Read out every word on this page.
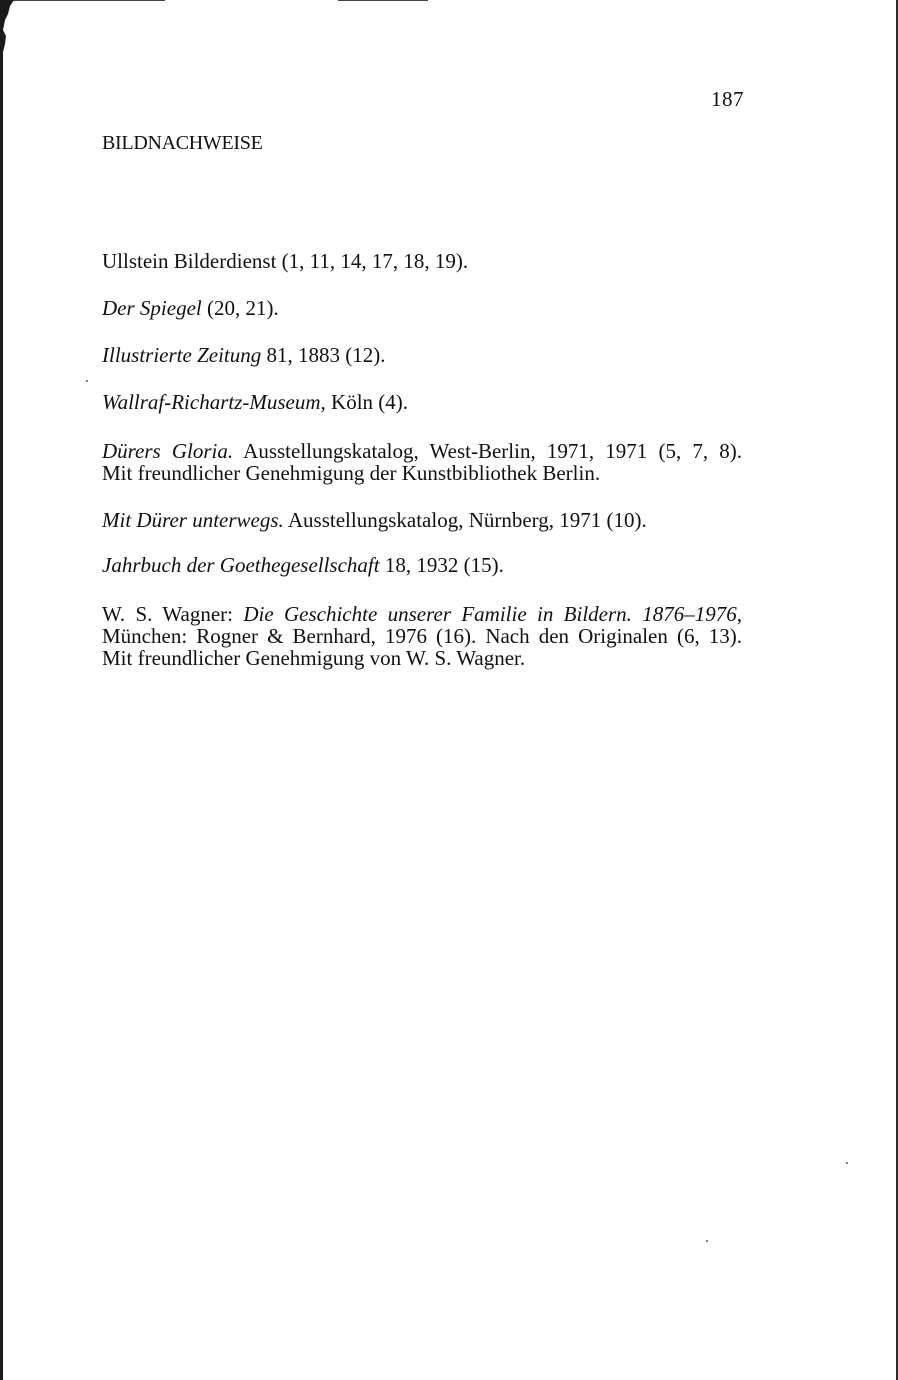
187
BILDNACHWEISE
Ullstein Bilderdienst (1, 11, 14, 17, 18, 19).
Der Spiegel (20, 21).
Illustrierte Zeitung 81, 1883 (12).
Wallraf-Richartz-Museum, Köln (4).
Dürers Gloria. Ausstellungskatalog, West-Berlin, 1971, 1971 (5, 7, 8).
Mit freundlicher Genehmigung der Kunstbibliothek Berlin.
Mit Dürer unterwegs. Ausstellungskatalog, Nürnberg, 1971 (10).
Jahrbuch der Goethegesellschaft 18, 1932 (15).
W. S. Wagner: Die Geschichte unserer Familie in Bildern. 1876–1976,
München: Rogner & Bernhard, 1976 (16). Nach den Originalen (6, 13).
Mit freundlicher Genehmigung von W. S. Wagner.
